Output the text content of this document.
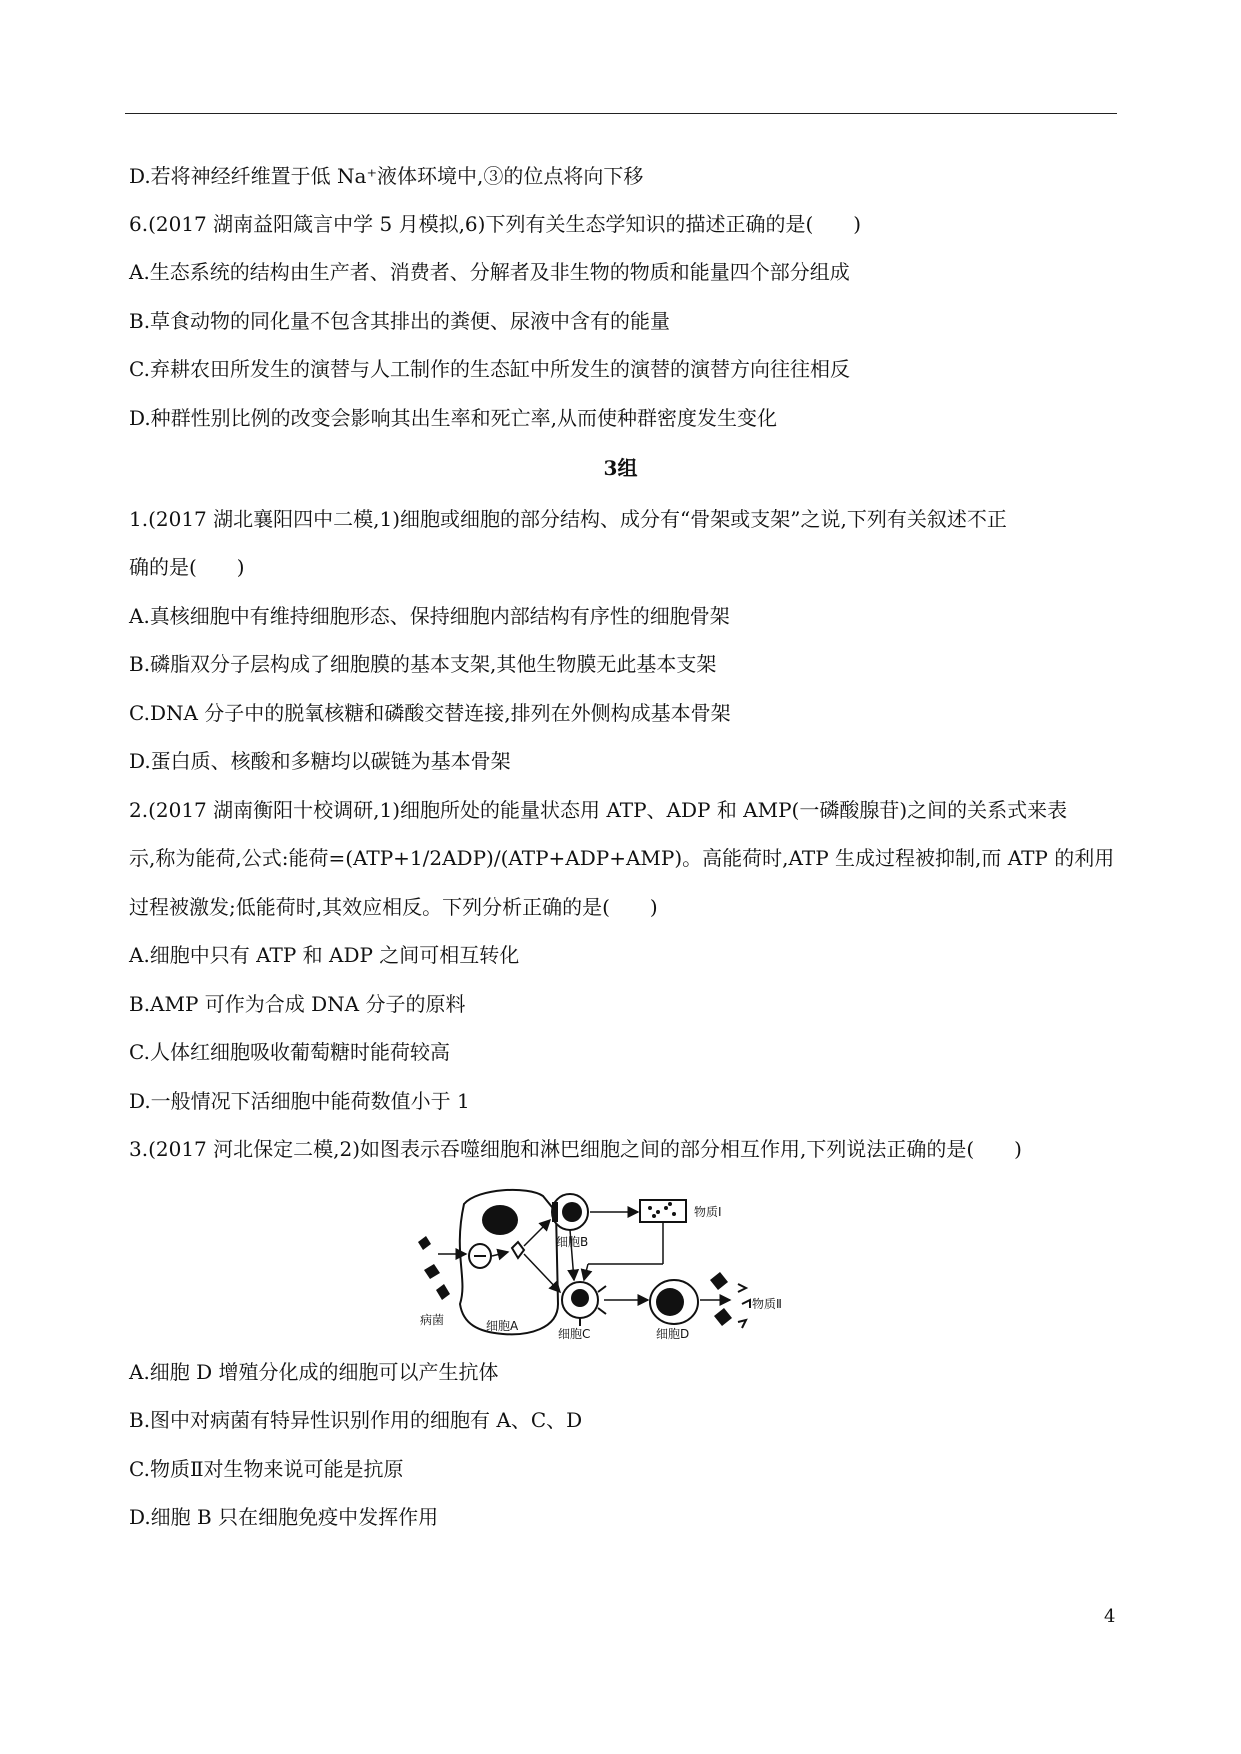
D.若将神经纤维置于低 Na⁺液体环境中,③的位点将向下移
6.(2017 湖南益阳箴言中学 5 月模拟,6)下列有关生态学知识的描述正确的是(　　)
A.生态系统的结构由生产者、消费者、分解者及非生物的物质和能量四个部分组成
B.草食动物的同化量不包含其排出的粪便、尿液中含有的能量
C.弃耕农田所发生的演替与人工制作的生态缸中所发生的演替的演替方向往往相反
D.种群性别比例的改变会影响其出生率和死亡率,从而使种群密度发生变化
3组
1.(2017 湖北襄阳四中二模,1)细胞或细胞的部分结构、成分有“骨架或支架”之说,下列有关叙述不正
确的是(　　)
A.真核细胞中有维持细胞形态、保持细胞内部结构有序性的细胞骨架
B.磷脂双分子层构成了细胞膜的基本支架,其他生物膜无此基本支架
C.DNA 分子中的脱氧核糖和磷酸交替连接,排列在外侧构成基本骨架
D.蛋白质、核酸和多糖均以碳链为基本骨架
2.(2017 湖南衡阳十校调研,1)细胞所处的能量状态用 ATP、ADP 和 AMP(一磷酸腺苷)之间的关系式来表
示,称为能荷,公式:能荷=(ATP+1/2ADP)/(ATP+ADP+AMP)。高能荷时,ATP 生成过程被抑制,而 ATP 的利用
过程被激发;低能荷时,其效应相反。下列分析正确的是(　　)
A.细胞中只有 ATP 和 ADP 之间可相互转化
B.AMP 可作为合成 DNA 分子的原料
C.人体红细胞吸收葡萄糖时能荷较高
D.一般情况下活细胞中能荷数值小于 1
3.(2017 河北保定二模,2)如图表示吞噬细胞和淋巴细胞之间的部分相互作用,下列说法正确的是(　　)
细胞B
细胞A
细胞C	细胞D
病菌
物质Ⅰ
物质Ⅱ
A.细胞 D 增殖分化成的细胞可以产生抗体
B.图中对病菌有特异性识别作用的细胞有 A、C、D
C.物质Ⅱ对生物来说可能是抗原
D.细胞 B 只在细胞免疫中发挥作用
4
